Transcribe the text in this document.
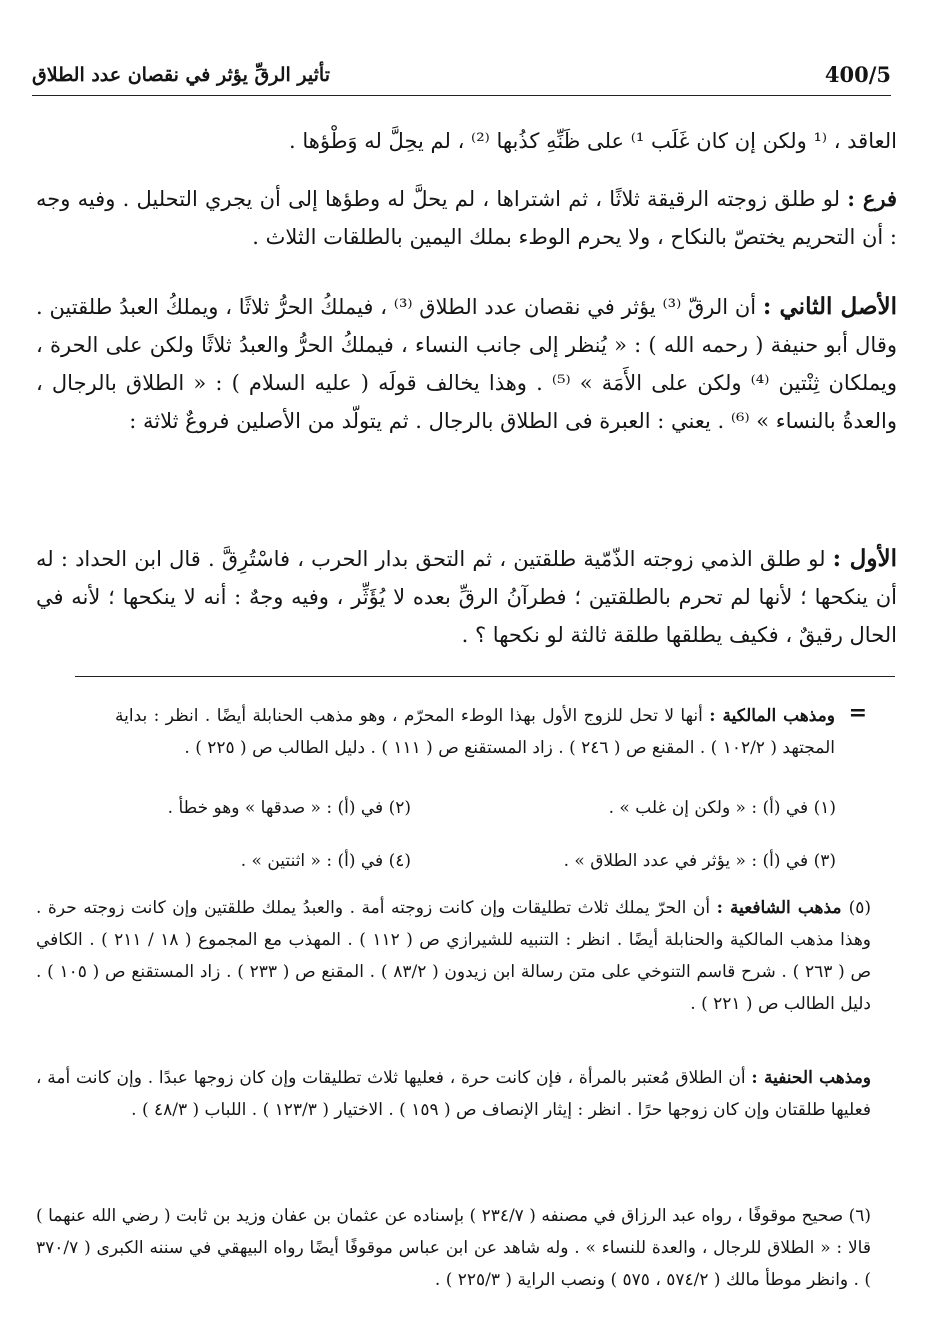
400/5
تأثير الرقِّ يؤثر في نقصان عدد الطلاق

العاقد ، ⁽¹ ولكن إن كان غَلَب ¹⁾ على ظَنِّهِ كذُبها ⁽²⁾ ، لم يحِلَّ له وَطْؤها .

فرع : لو طلق زوجته الرقيقة ثلاثًا ، ثم اشتراها ، لم يحلَّ له وطؤها إلى أن يجري التحليل . وفيه وجه : أن التحريم يختصّ بالنكاح ، ولا يحرم الوطء بملك اليمين بالطلقات الثلاث .

الأصل الثاني : أن الرقّ ⁽³⁾ يؤثر في نقصان عدد الطلاق ⁽³⁾ ، فيملكُ الحرُّ ثلاثًا ، ويملكُ العبدُ طلقتين . وقال أبو حنيفة ( رحمه الله ) : « يُنظر إلى جانب النساء ، فيملكُ الحرُّ والعبدُ ثلاثًا ولكن على الحرة ، ويملكان ثِنْتين ⁽⁴⁾ ولكن على الأَمَة » ⁽⁵⁾ . وهذا يخالف قولَه ( عليه السلام ) : « الطلاق بالرجال ، والعدةُ بالنساء » ⁽⁶⁾ . يعني : العبرة فى الطلاق بالرجال . ثم يتولّد من الأصلين فروعٌ ثلاثة :

الأول : لو طلق الذمي زوجته الذّمّية طلقتين ، ثم التحق بدار الحرب ، فاسْتُرِقَّ . قال ابن الحداد : له أن ينكحها ؛ لأنها لم تحرم بالطلقتين ؛ فطرآنُ الرقِّ بعده لا يُؤَثِّر ، وفيه وجهٌ : أنه لا ينكحها ؛ لأنه في الحال رقيقٌ ، فكيف يطلقها طلقة ثالثة لو نكحها ؟ .

=

ومذهب المالكية : أنها لا تحل للزوج الأول بهذا الوطء المحرّم ، وهو مذهب الحنابلة أيضًا . انظر : بداية المجتهد ( ١٠٢/٢ ) . المقنع ص ( ٢٤٦ ) . زاد المستقنع ص ( ١١١ ) . دليل الطالب ص ( ٢٢٥ ) .

(١) في (أ) : « ولكن إن غلب » .
(٢) في (أ) : « صدقها » وهو خطأ .
(٣) في (أ) : « يؤثر في عدد الطلاق » .
(٤) في (أ) : « اثنتين » .

(٥) مذهب الشافعية : أن الحرّ يملك ثلاث تطليقات وإن كانت زوجته أمة . والعبدُ يملك طلقتين وإن كانت زوجته حرة . وهذا مذهب المالكية والحنابلة أيضًا . انظر : التنبيه للشيرازي ص ( ١١٢ ) . المهذب مع المجموع ( ١٨ / ٢١١ ) . الكافي ص ( ٢٦٣ ) . شرح قاسم التنوخي على متن رسالة ابن زيدون ( ٨٣/٢ ) . المقنع ص ( ٢٣٣ ) . زاد المستقنع ص ( ١٠٥ ) . دليل الطالب ص ( ٢٢١ ) .

ومذهب الحنفية : أن الطلاق مُعتبر بالمرأة ، فإن كانت حرة ، فعليها ثلاث تطليقات وإن كان زوجها عبدًا . وإن كانت أمة ، فعليها طلقتان وإن كان زوجها حرًا . انظر : إيثار الإنصاف ص ( ١٥٩ ) . الاختيار ( ١٢٣/٣ ) . اللباب ( ٤٨/٣ ) .

(٦) صحيح موقوفًا ، رواه عبد الرزاق في مصنفه ( ٢٣٤/٧ ) بإسناده عن عثمان بن عفان وزيد بن ثابت ( رضي الله عنهما ) قالا : « الطلاق للرجال ، والعدة للنساء » . وله شاهد عن ابن عباس موقوفًا أيضًا رواه البيهقي في سننه الكبرى ( ٣٧٠/٧ ) . وانظر موطأ مالك ( ٥٧٤/٢ ، ٥٧٥ ) ونصب الراية ( ٢٢٥/٣ ) .
